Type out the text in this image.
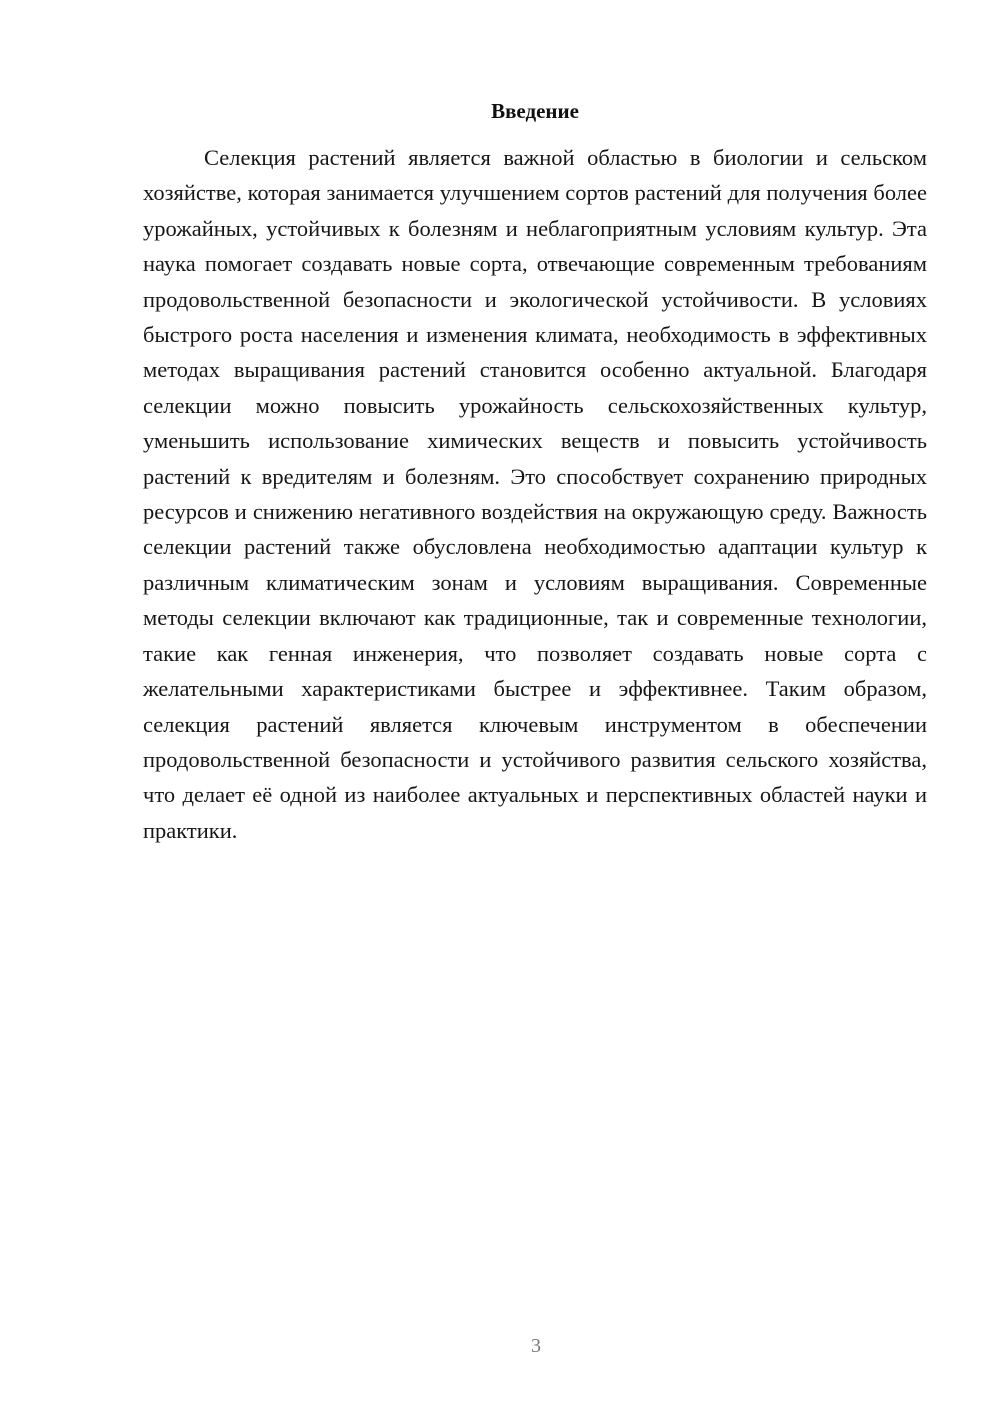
Введение

Селекция растений является важной областью в биологии и сельском хозяйстве, которая занимается улучшением сортов растений для получения более урожайных, устойчивых к болезням и неблагоприятным условиям культур. Эта наука помогает создавать новые сорта, отвечающие современным требованиям продовольственной безопасности и экологической устойчивости. В условиях быстрого роста населения и изменения климата, необходимость в эффективных методах выращивания растений становится особенно актуальной. Благодаря селекции можно повысить урожайность сельскохозяйственных культур, уменьшить использование химических веществ и повысить устойчивость растений к вредителям и болезням. Это способствует сохранению природных ресурсов и снижению негативного воздействия на окружающую среду. Важность селекции растений также обусловлена необходимостью адаптации культур к различным климатическим зонам и условиям выращивания. Современные методы селекции включают как традиционные, так и современные технологии, такие как генная инженерия, что позволяет создавать новые сорта с желательными характеристиками быстрее и эффективнее. Таким образом, селекция растений является ключевым инструментом в обеспечении продовольственной безопасности и устойчивого развития сельского хозяйства, что делает её одной из наиболее актуальных и перспективных областей науки и практики.

3
